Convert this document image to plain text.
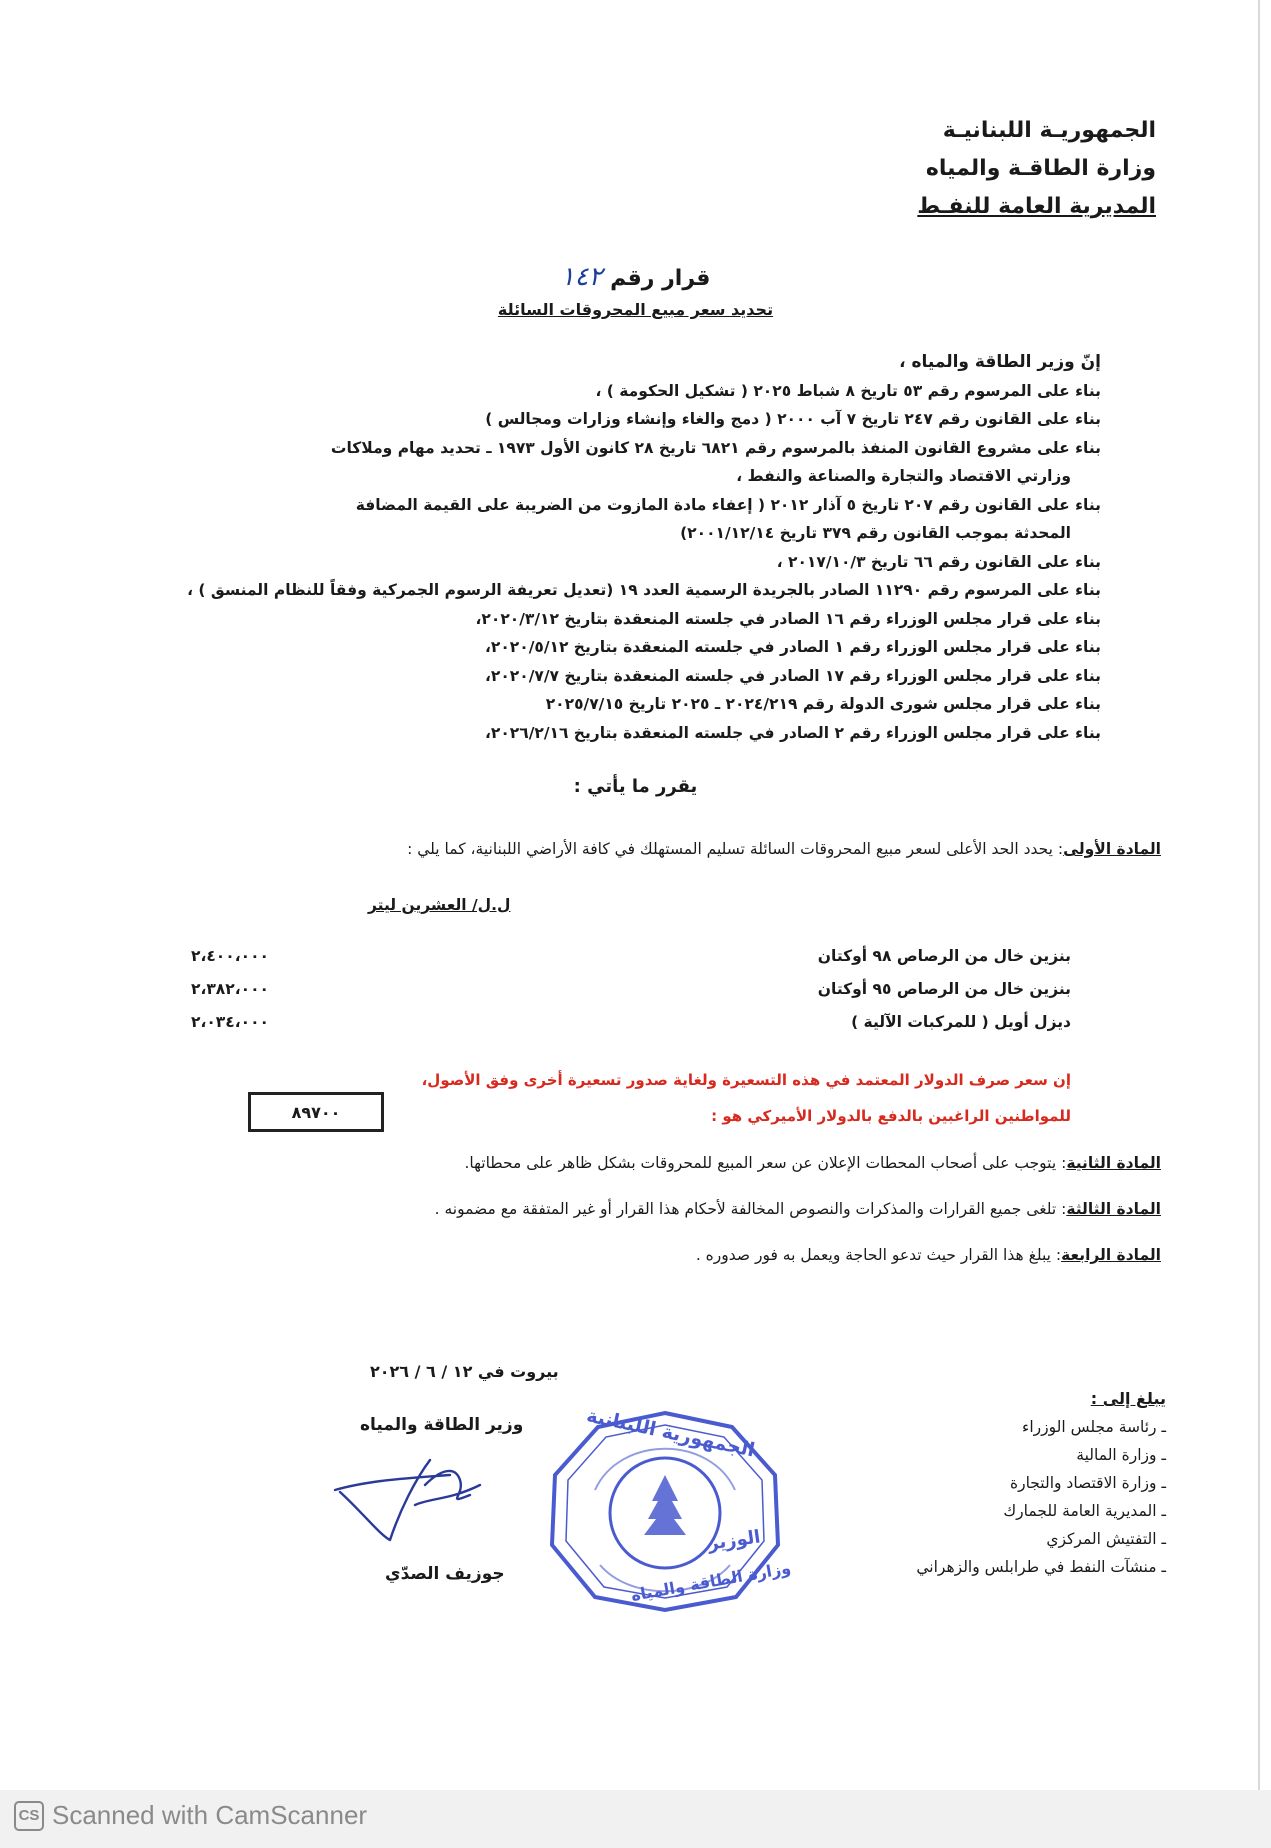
الجمهوريـة اللبنانيـة
وزارة الطاقـة والمياه
المديرية العامة للنفـط
قرار رقم ١٤٢
تحديد سعر مبيع المحروقات السائلة
إنّ وزير الطاقة والمياه ،
بناء على المرسوم رقم ٥٣ تاريخ ٨ شباط ٢٠٢٥ ( تشكيل الحكومة ) ،
بناء على القانون رقم ٢٤٧ تاريخ ٧ آب ٢٠٠٠ ( دمج والغاء وإنشاء وزارات ومجالس )
بناء على مشروع القانون المنفذ بالمرسوم رقم ٦٨٢١ تاريخ ٢٨ كانون الأول ١٩٧٣ ـ تحديد مهام وملاكات
وزارتي الاقتصاد والتجارة والصناعة والنفط ،
بناء على القانون رقم ٢٠٧ تاريخ ٥ آذار ٢٠١٢ ( إعفاء مادة المازوت من الضريبة على القيمة المضافة
المحدثة بموجب القانون رقم ٣٧٩ تاريخ ٢٠٠١/١٢/١٤)
بناء على القانون رقم ٦٦ تاريخ ٢٠١٧/١٠/٣ ،
بناء على المرسوم رقم ١١٢٩٠ الصادر بالجريدة الرسمية العدد ١٩ (تعديل تعريفة الرسوم الجمركية وفقاً للنظام المنسق ) ،
بناء على قرار مجلس الوزراء رقم ١٦ الصادر في جلسته المنعقدة بتاريخ ٢٠٢٠/٣/١٢،
بناء على قرار مجلس الوزراء رقم ١ الصادر في جلسته المنعقدة بتاريخ ٢٠٢٠/٥/١٢،
بناء على قرار مجلس الوزراء رقم ١٧ الصادر في جلسته المنعقدة بتاريخ ٢٠٢٠/٧/٧،
بناء على قرار مجلس شورى الدولة رقم ٢٠٢٤/٢١٩ ـ ٢٠٢٥ تاريخ ٢٠٢٥/٧/١٥
بناء على قرار مجلس الوزراء رقم ٢ الصادر في جلسته المنعقدة بتاريخ ٢٠٢٦/٢/١٦،
يقرر ما يأتي :
المادة الأولى: يحدد الحد الأعلى لسعر مبيع المحروقات السائلة تسليم المستهلك في كافة الأراضي اللبنانية، كما يلي :
ل.ل/ العشرين ليتر
بنزين خال من الرصاص ٩٨ أوكتان
٢،٤٠٠،٠٠٠
بنزين خال من الرصاص ٩٥ أوكتان
٢،٣٨٢،٠٠٠
ديزل أويل ( للمركبات الآلية )
٢،٠٣٤،٠٠٠
إن سعر صرف الدولار المعتمد في هذه التسعيرة ولغاية صدور تسعيرة أخرى وفق الأصول،
للمواطنين الراغبين بالدفع بالدولار الأميركي هو :
٨٩٧٠٠
المادة الثانية: يتوجب على أصحاب المحطات الإعلان عن سعر المبيع للمحروقات بشكل ظاهر على محطاتها.
المادة الثالثة: تلغى جميع القرارات والمذكرات والنصوص المخالفة لأحكام هذا القرار أو غير المتفقة مع مضمونه .
المادة الرابعة: يبلغ هذا القرار حيث تدعو الحاجة ويعمل به فور صدوره .
بيروت في ١٢ / ٦ / ٢٠٢٦
وزير الطاقة والمياه
جوزيف الصدّي
الجمهورية اللبنانية
الوزير
وزارة الطاقة والمياه
يبلغ إلى :
ـ رئاسة مجلس الوزراء
ـ وزارة المالية
ـ وزارة الاقتصاد والتجارة
ـ المديرية العامة للجمارك
ـ التفتيش المركزي
ـ منشآت النفط في طرابلس والزهراني
CS Scanned with CamScanner
